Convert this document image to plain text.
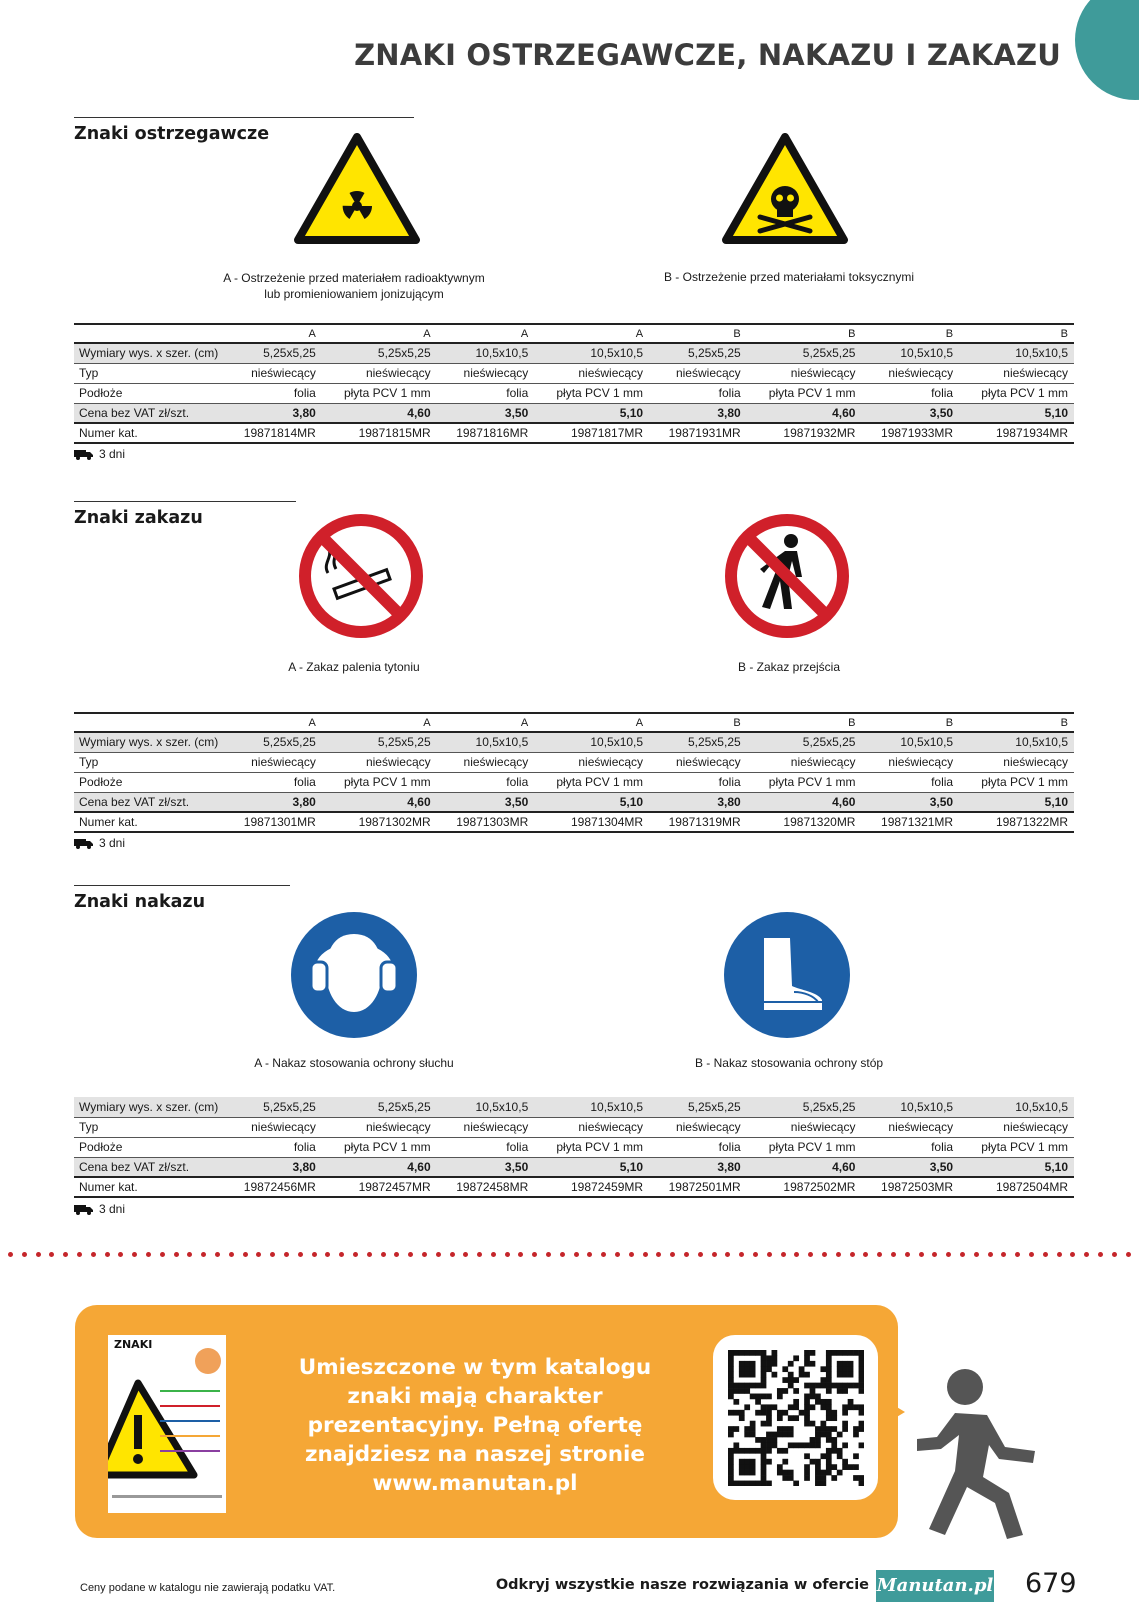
ZNAKI OSTRZEGAWCZE, NAKAZU I ZAKAZU
Znaki ostrzegawcze
A - Ostrzeżenie przed materiałem radioaktywnym
lub promieniowaniem jonizującym
B - Ostrzeżenie przed materiałami toksycznymi
	A	A	A	A	B	B	B	B
Wymiary wys. x szer. (cm)	5,25x5,25	5,25x5,25	10,5x10,5	10,5x10,5	5,25x5,25	5,25x5,25	10,5x10,5	10,5x10,5
Typ	nieświecący	nieświecący	nieświecący	nieświecący	nieświecący	nieświecący	nieświecący	nieświecący
Podłoże	folia	płyta PCV 1 mm	folia	płyta PCV 1 mm	folia	płyta PCV 1 mm	folia	płyta PCV 1 mm
Cena bez VAT zł/szt.	3,80	4,60	3,50	5,10	3,80	4,60	3,50	5,10
Numer kat.	19871814MR	19871815MR	19871816MR	19871817MR	19871931MR	19871932MR	19871933MR	19871934MR
3 dni
Znaki zakazu
A - Zakaz palenia tytoniu	B - Zakaz przejścia
	A	A	A	A	B	B	B	B
Wymiary wys. x szer. (cm)	5,25x5,25	5,25x5,25	10,5x10,5	10,5x10,5	5,25x5,25	5,25x5,25	10,5x10,5	10,5x10,5
Typ	nieświecący	nieświecący	nieświecący	nieświecący	nieświecący	nieświecący	nieświecący	nieświecący
Podłoże	folia	płyta PCV 1 mm	folia	płyta PCV 1 mm	folia	płyta PCV 1 mm	folia	płyta PCV 1 mm
Cena bez VAT zł/szt.	3,80	4,60	3,50	5,10	3,80	4,60	3,50	5,10
Numer kat.	19871301MR	19871302MR	19871303MR	19871304MR	19871319MR	19871320MR	19871321MR	19871322MR
3 dni
Znaki nakazu
A - Nakaz stosowania ochrony słuchu	B - Nakaz stosowania ochrony stóp
Wymiary wys. x szer. (cm)	5,25x5,25	5,25x5,25	10,5x10,5	10,5x10,5	5,25x5,25	5,25x5,25	10,5x10,5	10,5x10,5
Typ	nieświecący	nieświecący	nieświecący	nieświecący	nieświecący	nieświecący	nieświecący	nieświecący
Podłoże	folia	płyta PCV 1 mm	folia	płyta PCV 1 mm	folia	płyta PCV 1 mm	folia	płyta PCV 1 mm
Cena bez VAT zł/szt.	3,80	4,60	3,50	5,10	3,80	4,60	3,50	5,10
Numer kat.	19872456MR	19872457MR	19872458MR	19872459MR	19872501MR	19872502MR	19872503MR	19872504MR
3 dni
ZNAKI
Umieszczone w tym katalogu znaki mają charakter prezentacyjny. Pełną ofertę znajdziesz na naszej stronie www.manutan.pl
Ceny podane w katalogu nie zawierają podatku VAT.	Odkryj wszystkie nasze rozwiązania w ofercie Manutan.pl 679
